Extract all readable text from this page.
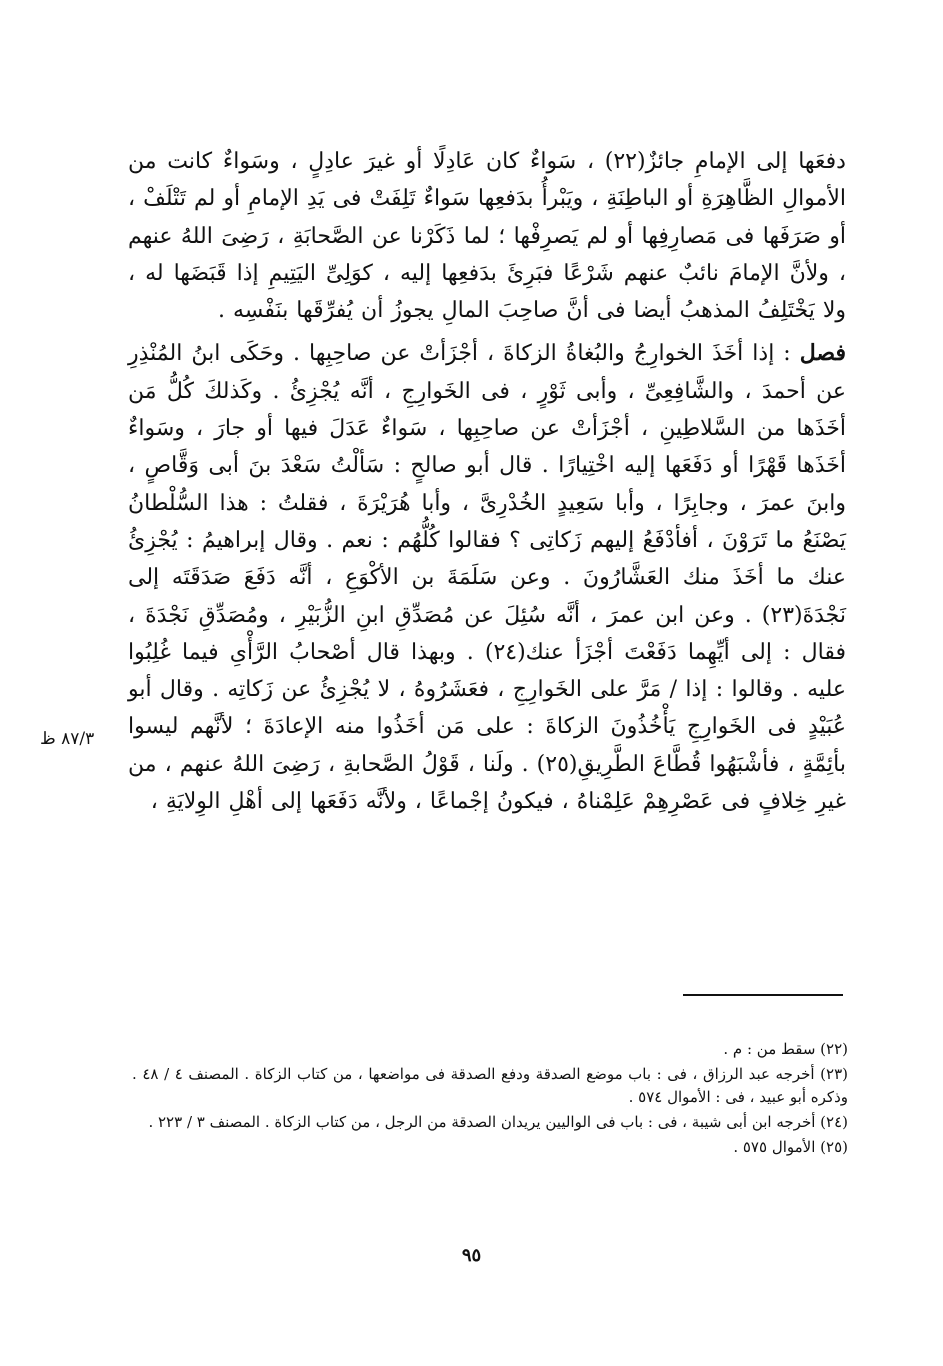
دفعَها إلى الإمامِ جائزٌ(٢٢) ، سَواءٌ كان عَادِلًا أو غيرَ عادِلٍ ، وسَواءٌ كانت من الأموالِ الظَّاهِرَةِ أو الباطِنَةِ ، ويَبْرأُ بدَفعِها سَواءٌ تَلِفَتْ فى يَدِ الإمامِ أو لم تَتْلَفْ ، أو صَرَفَها فى مَصارِفِها أو لم يَصرِفْها ؛ لما ذَكَرْنا عن الصَّحابَةِ ، رَضِىَ اللهُ عنهم ، ولأنَّ الإمامَ نائبٌ عنهم شَرْعًا فبَرِئَ بدَفعِها إليه ، كوَلِىِّ اليَتِيمِ إذا قَبَضَها له ، ولا يَخْتَلِفُ المذهبُ أيضا فى أنَّ صاحِبَ المالِ يجوزُ أن يُفرِّقَها بنَفْسِه .

فصل : إذا أخَذَ الخوارِجُ والبُغاةُ الزكاةَ ، أجْزَأتْ عن صاحِبِها . وحَكَى ابنُ المُنْذِرِ عن أحمدَ ، والشَّافِعِىِّ ، وأبى ثَوْرٍ ، فى الخَوارِجِ ، أنَّه يُجْزِئُ . وكَذلكَ كُلُّ مَن أخَذَها من السَّلاطِينِ ، أجْزَأتْ عن صاحِبِها ، سَواءٌ عَدَلَ فيها أو جارَ ، وسَواءٌ أخَذَها قَهْرًا أو دَفَعَها إليه اخْتِيارًا . قال أبو صالحٍ : سَألْتُ سَعْدَ بنَ أبى وَقَّاصٍ ، وابنَ عمرَ ، وجابِرًا ، وأبا سَعِيدٍ الخُدْرِىَّ ، وأبا هُرَيْرَةَ ، فقلتُ : هذا السُّلْطانُ يَصْنَعُ ما تَرَوْنَ ، أفأدْفَعُ إليهم زَكاتِى ؟ فقالوا كُلُّهُم : نعم . وقال إبراهيمُ : يُجْزِئُ عنك ما أخَذَ منك العَشَّارُونَ . وعن سَلَمَةَ بن الأكْوَعِ ، أنَّه دَفَعَ صَدَقَتَه إلى نَجْدَةَ(٢٣) . وعن ابن عمرَ ، أنَّه سُئِلَ عن مُصَدِّقِ ابنِ الزُّبَيْرِ ، ومُصَدِّقِ نَجْدَةَ ، فقال : إلى أيِّهِما دَفَعْتَ أجْزَأ عنك(٢٤) . وبهذا قال أصْحابُ الرَّأْىِ فيما غُلِبُوا عليه . وقالوا : إذا / مَرَّ على الخَوارِجِ ، فعَشَرُوهُ ، لا يُجْزِئُ عن زَكاتِه . وقال أبو عُبَيْدٍ فى الخَوارِجِ يَأْخُذُونَ الزكاةَ : على مَن أخَذُوا منه الإعادَةَ ؛ لأنَّهم ليسوا بأئِمَّةٍ ، فأشْبَهُوا قُطَّاعَ الطَّرِيقِ(٢٥) . ولَنا ، قَوْلُ الصَّحابةِ ، رَضِىَ اللهُ عنهم ، من غيرِ خِلافٍ فى عَصْرِهِمْ عَلِمْناهُ ، فيكونُ إجْماعًا ، ولأنَّه دَفَعَها إلى أهْلِ الوِلايَةِ ،

٨٧/٣ ظ

(٢٢) سقط من : م .

(٢٣) أخرجه عبد الرزاق ، فى : باب موضع الصدقة ودفع الصدقة فى مواضعها ، من كتاب الزكاة . المصنف ٤ / ٤٨ . وذكره أبو عبيد ، فى : الأموال ٥٧٤ .

(٢٤) أخرجه ابن أبى شيبة ، فى : باب فى الواليين يريدان الصدقة من الرجل ، من كتاب الزكاة . المصنف ٣ / ٢٢٣ .

(٢٥) الأموال ٥٧٥ .

٩٥
